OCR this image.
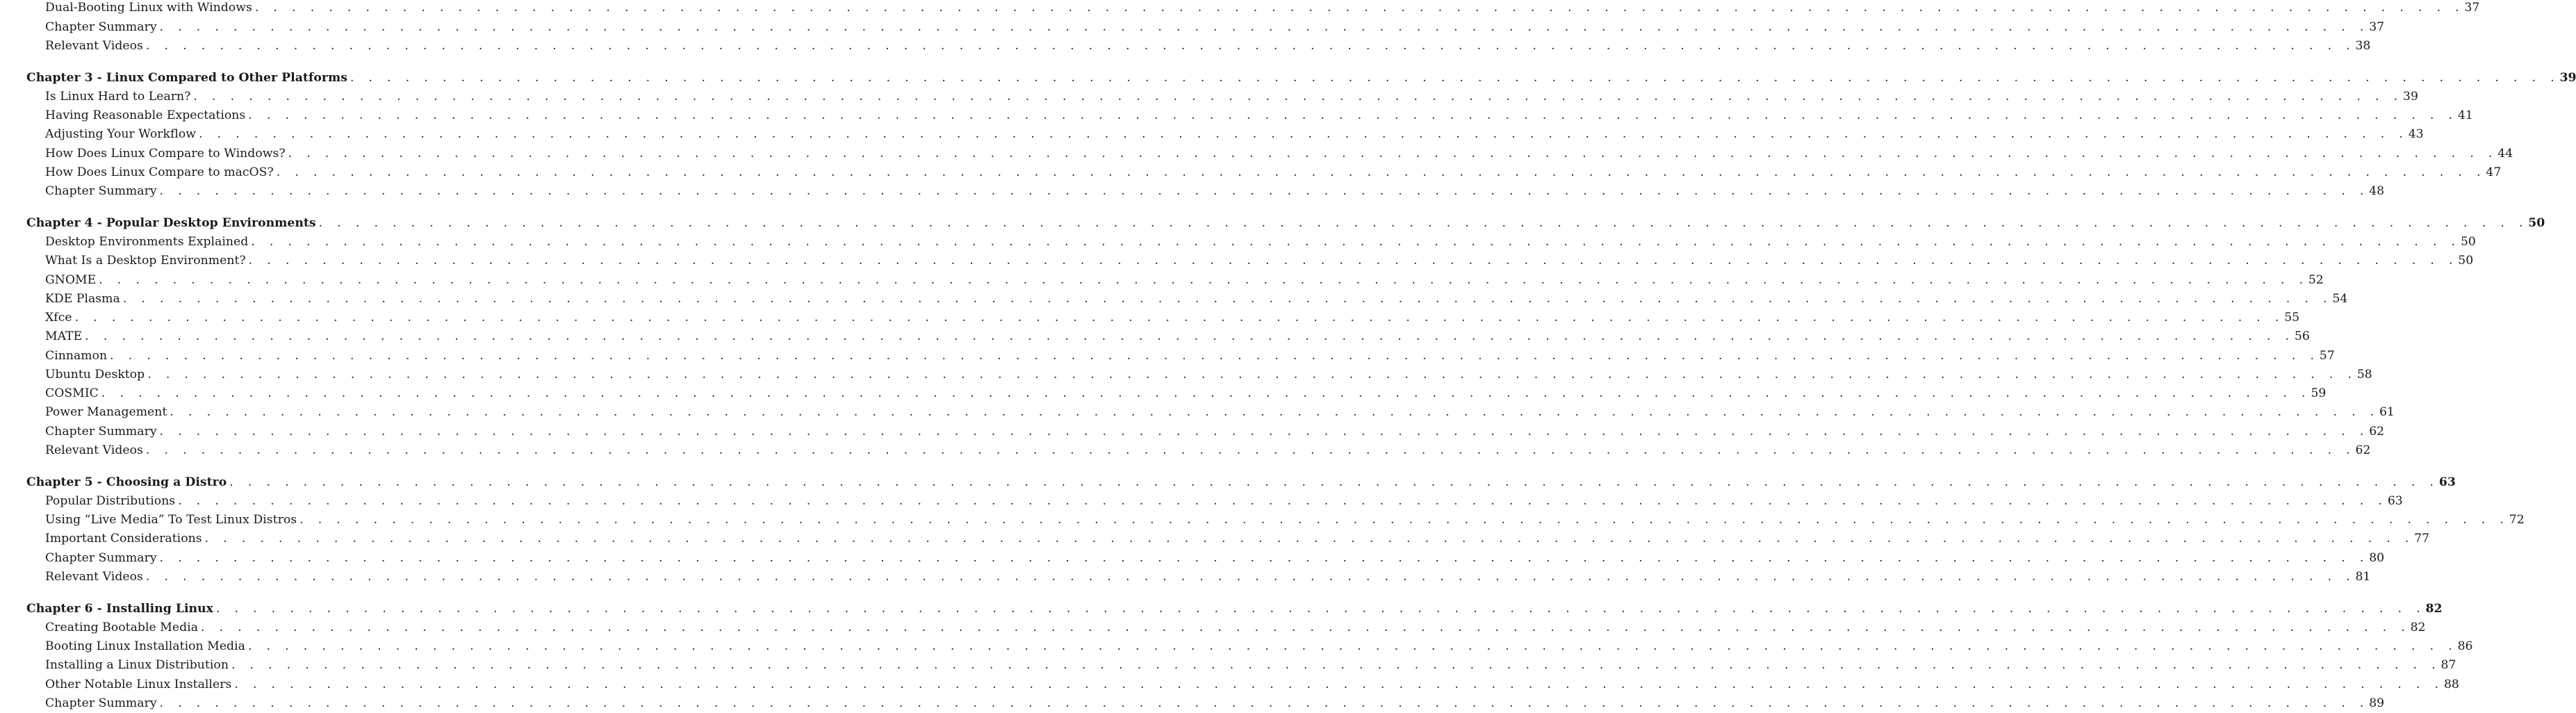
Dual-Booting Linux with Windows . . . . . . . . . . . . . . . . . . . . . . . . . . . . . . . . . . . . . . . . . . . . . . . . . . . . . . . . . . . . . . . . . . . . . . . . . . . . . . . . . . . . . . . . . . . . . . . . . . . . . . . . . . . . . . . . . . . . . . . . 37
Chapter Summary . . . . . . . . . . . . . . . . . . . . . . . . . . . . . . . . . . . . . . . . . . . . . . . . . . . . . . . . . . . . . . . . . . . . . . . . . . . . . . . . . . . . . . . . . . . . . . . . . . . . . . . . . . . . . . . . . . . . . . . . 37
Relevant Videos . . . . . . . . . . . . . . . . . . . . . . . . . . . . . . . . . . . . . . . . . . . . . . . . . . . . . . . . . . . . . . . . . . . . . . . . . . . . . . . . . . . . . . . . . . . . . . . . . . . . . . . . . . . . . . . . . . . . . . . . 38
Chapter 3 - Linux Compared to Other Platforms . . . . . . . . . . . . . . . . . . . . . . . . . . . . . . . . . . . . . . . . . . . . . . . . . . . . . . . . . . . . . . . . . . . . . . . . . . . . . . . . . . . . . . . . . . . . . . . . . . . . . . . . . . . . . . . . . . . . . . . . 39
Is Linux Hard to Learn? . . . . . . . . . . . . . . . . . . . . . . . . . . . . . . . . . . . . . . . . . . . . . . . . . . . . . . . . . . . . . . . . . . . . . . . . . . . . . . . . . . . . . . . . . . . . . . . . . . . . . . . . . . . . . . . . . . . . . . . . 39
Having Reasonable Expectations . . . . . . . . . . . . . . . . . . . . . . . . . . . . . . . . . . . . . . . . . . . . . . . . . . . . . . . . . . . . . . . . . . . . . . . . . . . . . . . . . . . . . . . . . . . . . . . . . . . . . . . . . . . . . . . . . . . . . . . . 41
Adjusting Your Workflow . . . . . . . . . . . . . . . . . . . . . . . . . . . . . . . . . . . . . . . . . . . . . . . . . . . . . . . . . . . . . . . . . . . . . . . . . . . . . . . . . . . . . . . . . . . . . . . . . . . . . . . . . . . . . . . . . . . . . . . . 43
How Does Linux Compare to Windows? . . . . . . . . . . . . . . . . . . . . . . . . . . . . . . . . . . . . . . . . . . . . . . . . . . . . . . . . . . . . . . . . . . . . . . . . . . . . . . . . . . . . . . . . . . . . . . . . . . . . . . . . . . . . . . . . . . . . . . . . 44
How Does Linux Compare to macOS? . . . . . . . . . . . . . . . . . . . . . . . . . . . . . . . . . . . . . . . . . . . . . . . . . . . . . . . . . . . . . . . . . . . . . . . . . . . . . . . . . . . . . . . . . . . . . . . . . . . . . . . . . . . . . . . . . . . . . . . . 47
Chapter Summary . . . . . . . . . . . . . . . . . . . . . . . . . . . . . . . . . . . . . . . . . . . . . . . . . . . . . . . . . . . . . . . . . . . . . . . . . . . . . . . . . . . . . . . . . . . . . . . . . . . . . . . . . . . . . . . . . . . . . . . . 48
Chapter 4 - Popular Desktop Environments . . . . . . . . . . . . . . . . . . . . . . . . . . . . . . . . . . . . . . . . . . . . . . . . . . . . . . . . . . . . . . . . . . . . . . . . . . . . . . . . . . . . . . . . . . . . . . . . . . . . . . . . . . . . . . . . . . . . . . . . 50
Desktop Environments Explained . . . . . . . . . . . . . . . . . . . . . . . . . . . . . . . . . . . . . . . . . . . . . . . . . . . . . . . . . . . . . . . . . . . . . . . . . . . . . . . . . . . . . . . . . . . . . . . . . . . . . . . . . . . . . . . . . . . . . . . . 50
What Is a Desktop Environment? . . . . . . . . . . . . . . . . . . . . . . . . . . . . . . . . . . . . . . . . . . . . . . . . . . . . . . . . . . . . . . . . . . . . . . . . . . . . . . . . . . . . . . . . . . . . . . . . . . . . . . . . . . . . . . . . . . . . . . . . 50
GNOME . . . . . . . . . . . . . . . . . . . . . . . . . . . . . . . . . . . . . . . . . . . . . . . . . . . . . . . . . . . . . . . . . . . . . . . . . . . . . . . . . . . . . . . . . . . . . . . . . . . . . . . . . . . . . . . . . . . . . . . . 52
KDE Plasma . . . . . . . . . . . . . . . . . . . . . . . . . . . . . . . . . . . . . . . . . . . . . . . . . . . . . . . . . . . . . . . . . . . . . . . . . . . . . . . . . . . . . . . . . . . . . . . . . . . . . . . . . . . . . . . . . . . . . . . . 54
Xfce . . . . . . . . . . . . . . . . . . . . . . . . . . . . . . . . . . . . . . . . . . . . . . . . . . . . . . . . . . . . . . . . . . . . . . . . . . . . . . . . . . . . . . . . . . . . . . . . . . . . . . . . . . . . . . . . . . . . . . . . 55
MATE . . . . . . . . . . . . . . . . . . . . . . . . . . . . . . . . . . . . . . . . . . . . . . . . . . . . . . . . . . . . . . . . . . . . . . . . . . . . . . . . . . . . . . . . . . . . . . . . . . . . . . . . . . . . . . . . . . . . . . . . 56
Cinnamon . . . . . . . . . . . . . . . . . . . . . . . . . . . . . . . . . . . . . . . . . . . . . . . . . . . . . . . . . . . . . . . . . . . . . . . . . . . . . . . . . . . . . . . . . . . . . . . . . . . . . . . . . . . . . . . . . . . . . . . . 57
Ubuntu Desktop . . . . . . . . . . . . . . . . . . . . . . . . . . . . . . . . . . . . . . . . . . . . . . . . . . . . . . . . . . . . . . . . . . . . . . . . . . . . . . . . . . . . . . . . . . . . . . . . . . . . . . . . . . . . . . . . . . . . . . . . 58
COSMIC . . . . . . . . . . . . . . . . . . . . . . . . . . . . . . . . . . . . . . . . . . . . . . . . . . . . . . . . . . . . . . . . . . . . . . . . . . . . . . . . . . . . . . . . . . . . . . . . . . . . . . . . . . . . . . . . . . . . . . . . 59
Power Management . . . . . . . . . . . . . . . . . . . . . . . . . . . . . . . . . . . . . . . . . . . . . . . . . . . . . . . . . . . . . . . . . . . . . . . . . . . . . . . . . . . . . . . . . . . . . . . . . . . . . . . . . . . . . . . . . . . . . . . . 61
Chapter Summary . . . . . . . . . . . . . . . . . . . . . . . . . . . . . . . . . . . . . . . . . . . . . . . . . . . . . . . . . . . . . . . . . . . . . . . . . . . . . . . . . . . . . . . . . . . . . . . . . . . . . . . . . . . . . . . . . . . . . . . . 62
Relevant Videos . . . . . . . . . . . . . . . . . . . . . . . . . . . . . . . . . . . . . . . . . . . . . . . . . . . . . . . . . . . . . . . . . . . . . . . . . . . . . . . . . . . . . . . . . . . . . . . . . . . . . . . . . . . . . . . . . . . . . . . . 62
Chapter 5 - Choosing a Distro . . . . . . . . . . . . . . . . . . . . . . . . . . . . . . . . . . . . . . . . . . . . . . . . . . . . . . . . . . . . . . . . . . . . . . . . . . . . . . . . . . . . . . . . . . . . . . . . . . . . . . . . . . . . . . . . . . . . . . . . 63
Popular Distributions . . . . . . . . . . . . . . . . . . . . . . . . . . . . . . . . . . . . . . . . . . . . . . . . . . . . . . . . . . . . . . . . . . . . . . . . . . . . . . . . . . . . . . . . . . . . . . . . . . . . . . . . . . . . . . . . . . . . . . . . 63
Using “Live Media” To Test Linux Distros . . . . . . . . . . . . . . . . . . . . . . . . . . . . . . . . . . . . . . . . . . . . . . . . . . . . . . . . . . . . . . . . . . . . . . . . . . . . . . . . . . . . . . . . . . . . . . . . . . . . . . . . . . . . . . . . . . . . . . . . 72
Important Considerations . . . . . . . . . . . . . . . . . . . . . . . . . . . . . . . . . . . . . . . . . . . . . . . . . . . . . . . . . . . . . . . . . . . . . . . . . . . . . . . . . . . . . . . . . . . . . . . . . . . . . . . . . . . . . . . . . . . . . . . . 77
Chapter Summary . . . . . . . . . . . . . . . . . . . . . . . . . . . . . . . . . . . . . . . . . . . . . . . . . . . . . . . . . . . . . . . . . . . . . . . . . . . . . . . . . . . . . . . . . . . . . . . . . . . . . . . . . . . . . . . . . . . . . . . . 80
Relevant Videos . . . . . . . . . . . . . . . . . . . . . . . . . . . . . . . . . . . . . . . . . . . . . . . . . . . . . . . . . . . . . . . . . . . . . . . . . . . . . . . . . . . . . . . . . . . . . . . . . . . . . . . . . . . . . . . . . . . . . . . . 81
Chapter 6 - Installing Linux . . . . . . . . . . . . . . . . . . . . . . . . . . . . . . . . . . . . . . . . . . . . . . . . . . . . . . . . . . . . . . . . . . . . . . . . . . . . . . . . . . . . . . . . . . . . . . . . . . . . . . . . . . . . . . . . . . . . . . . . 82
Creating Bootable Media . . . . . . . . . . . . . . . . . . . . . . . . . . . . . . . . . . . . . . . . . . . . . . . . . . . . . . . . . . . . . . . . . . . . . . . . . . . . . . . . . . . . . . . . . . . . . . . . . . . . . . . . . . . . . . . . . . . . . . . . 82
Booting Linux Installation Media . . . . . . . . . . . . . . . . . . . . . . . . . . . . . . . . . . . . . . . . . . . . . . . . . . . . . . . . . . . . . . . . . . . . . . . . . . . . . . . . . . . . . . . . . . . . . . . . . . . . . . . . . . . . . . . . . . . . . . . . 86
Installing a Linux Distribution . . . . . . . . . . . . . . . . . . . . . . . . . . . . . . . . . . . . . . . . . . . . . . . . . . . . . . . . . . . . . . . . . . . . . . . . . . . . . . . . . . . . . . . . . . . . . . . . . . . . . . . . . . . . . . . . . . . . . . . . 87
Other Notable Linux Installers . . . . . . . . . . . . . . . . . . . . . . . . . . . . . . . . . . . . . . . . . . . . . . . . . . . . . . . . . . . . . . . . . . . . . . . . . . . . . . . . . . . . . . . . . . . . . . . . . . . . . . . . . . . . . . . . . . . . . . . . 88
Chapter Summary . . . . . . . . . . . . . . . . . . . . . . . . . . . . . . . . . . . . . . . . . . . . . . . . . . . . . . . . . . . . . . . . . . . . . . . . . . . . . . . . . . . . . . . . . . . . . . . . . . . . . . . . . . . . . . . . . . . . . . . . 89
